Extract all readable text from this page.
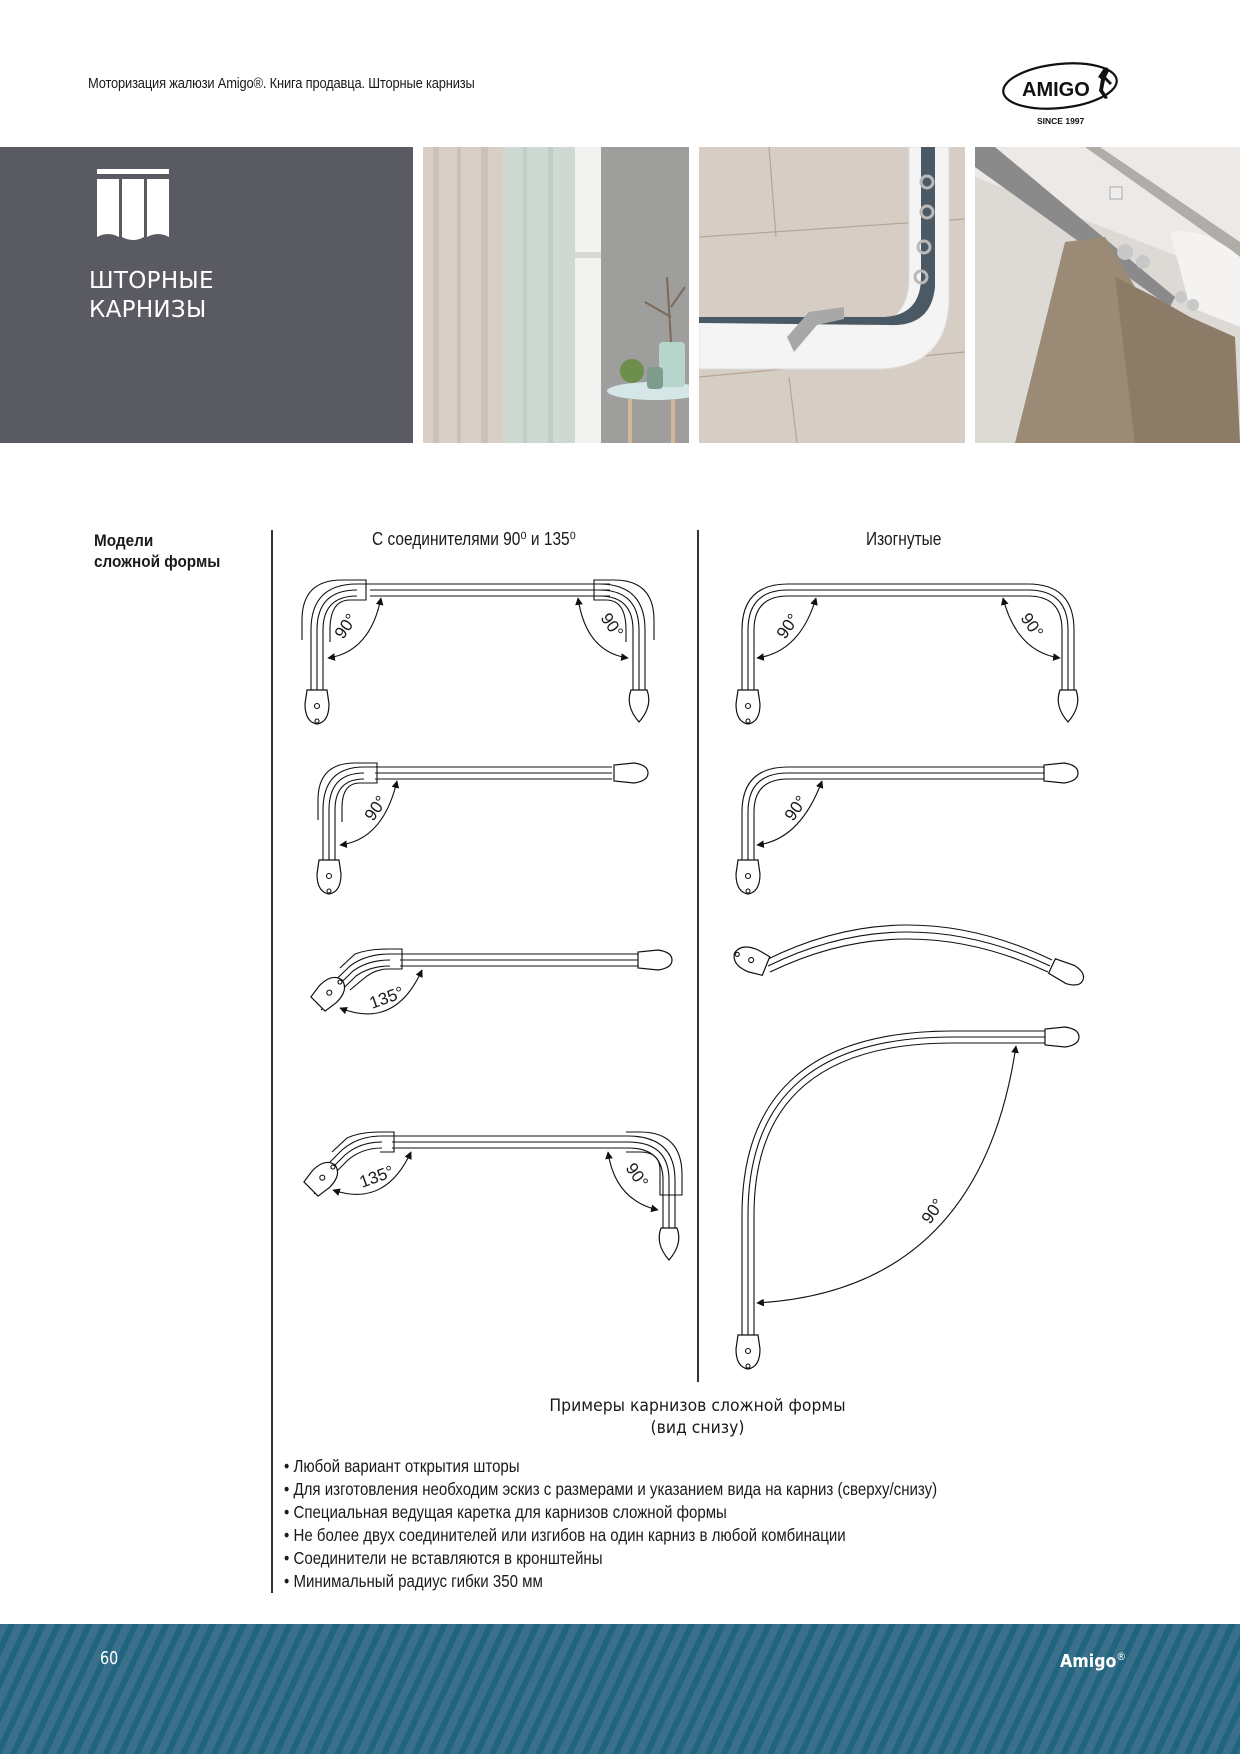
Моторизация жалюзи Amigo®. Книга продавца. Шторные карнизы	AMIGO
SINCE 1997
ШТОРНЫЕ
КАРНИЗЫ
Модели
сложной формы
С соединителями 90⁰ и 135⁰	Изогнутые
90°	90°
90°
135°
135°	90°
90°	90°
90°
90°
Примеры карнизов сложной формы
(вид снизу)
• Любой вариант открытия шторы
• Для изготовления необходим эскиз с размерами и указанием вида на карниз (сверху/снизу)
• Специальная ведущая каретка для карнизов сложной формы
• Не более двух соединителей или изгибов на один карниз в любой комбинации
• Соединители не вставляются в кронштейны
• Минимальный радиус гибки 350 мм
60	Amigo®
